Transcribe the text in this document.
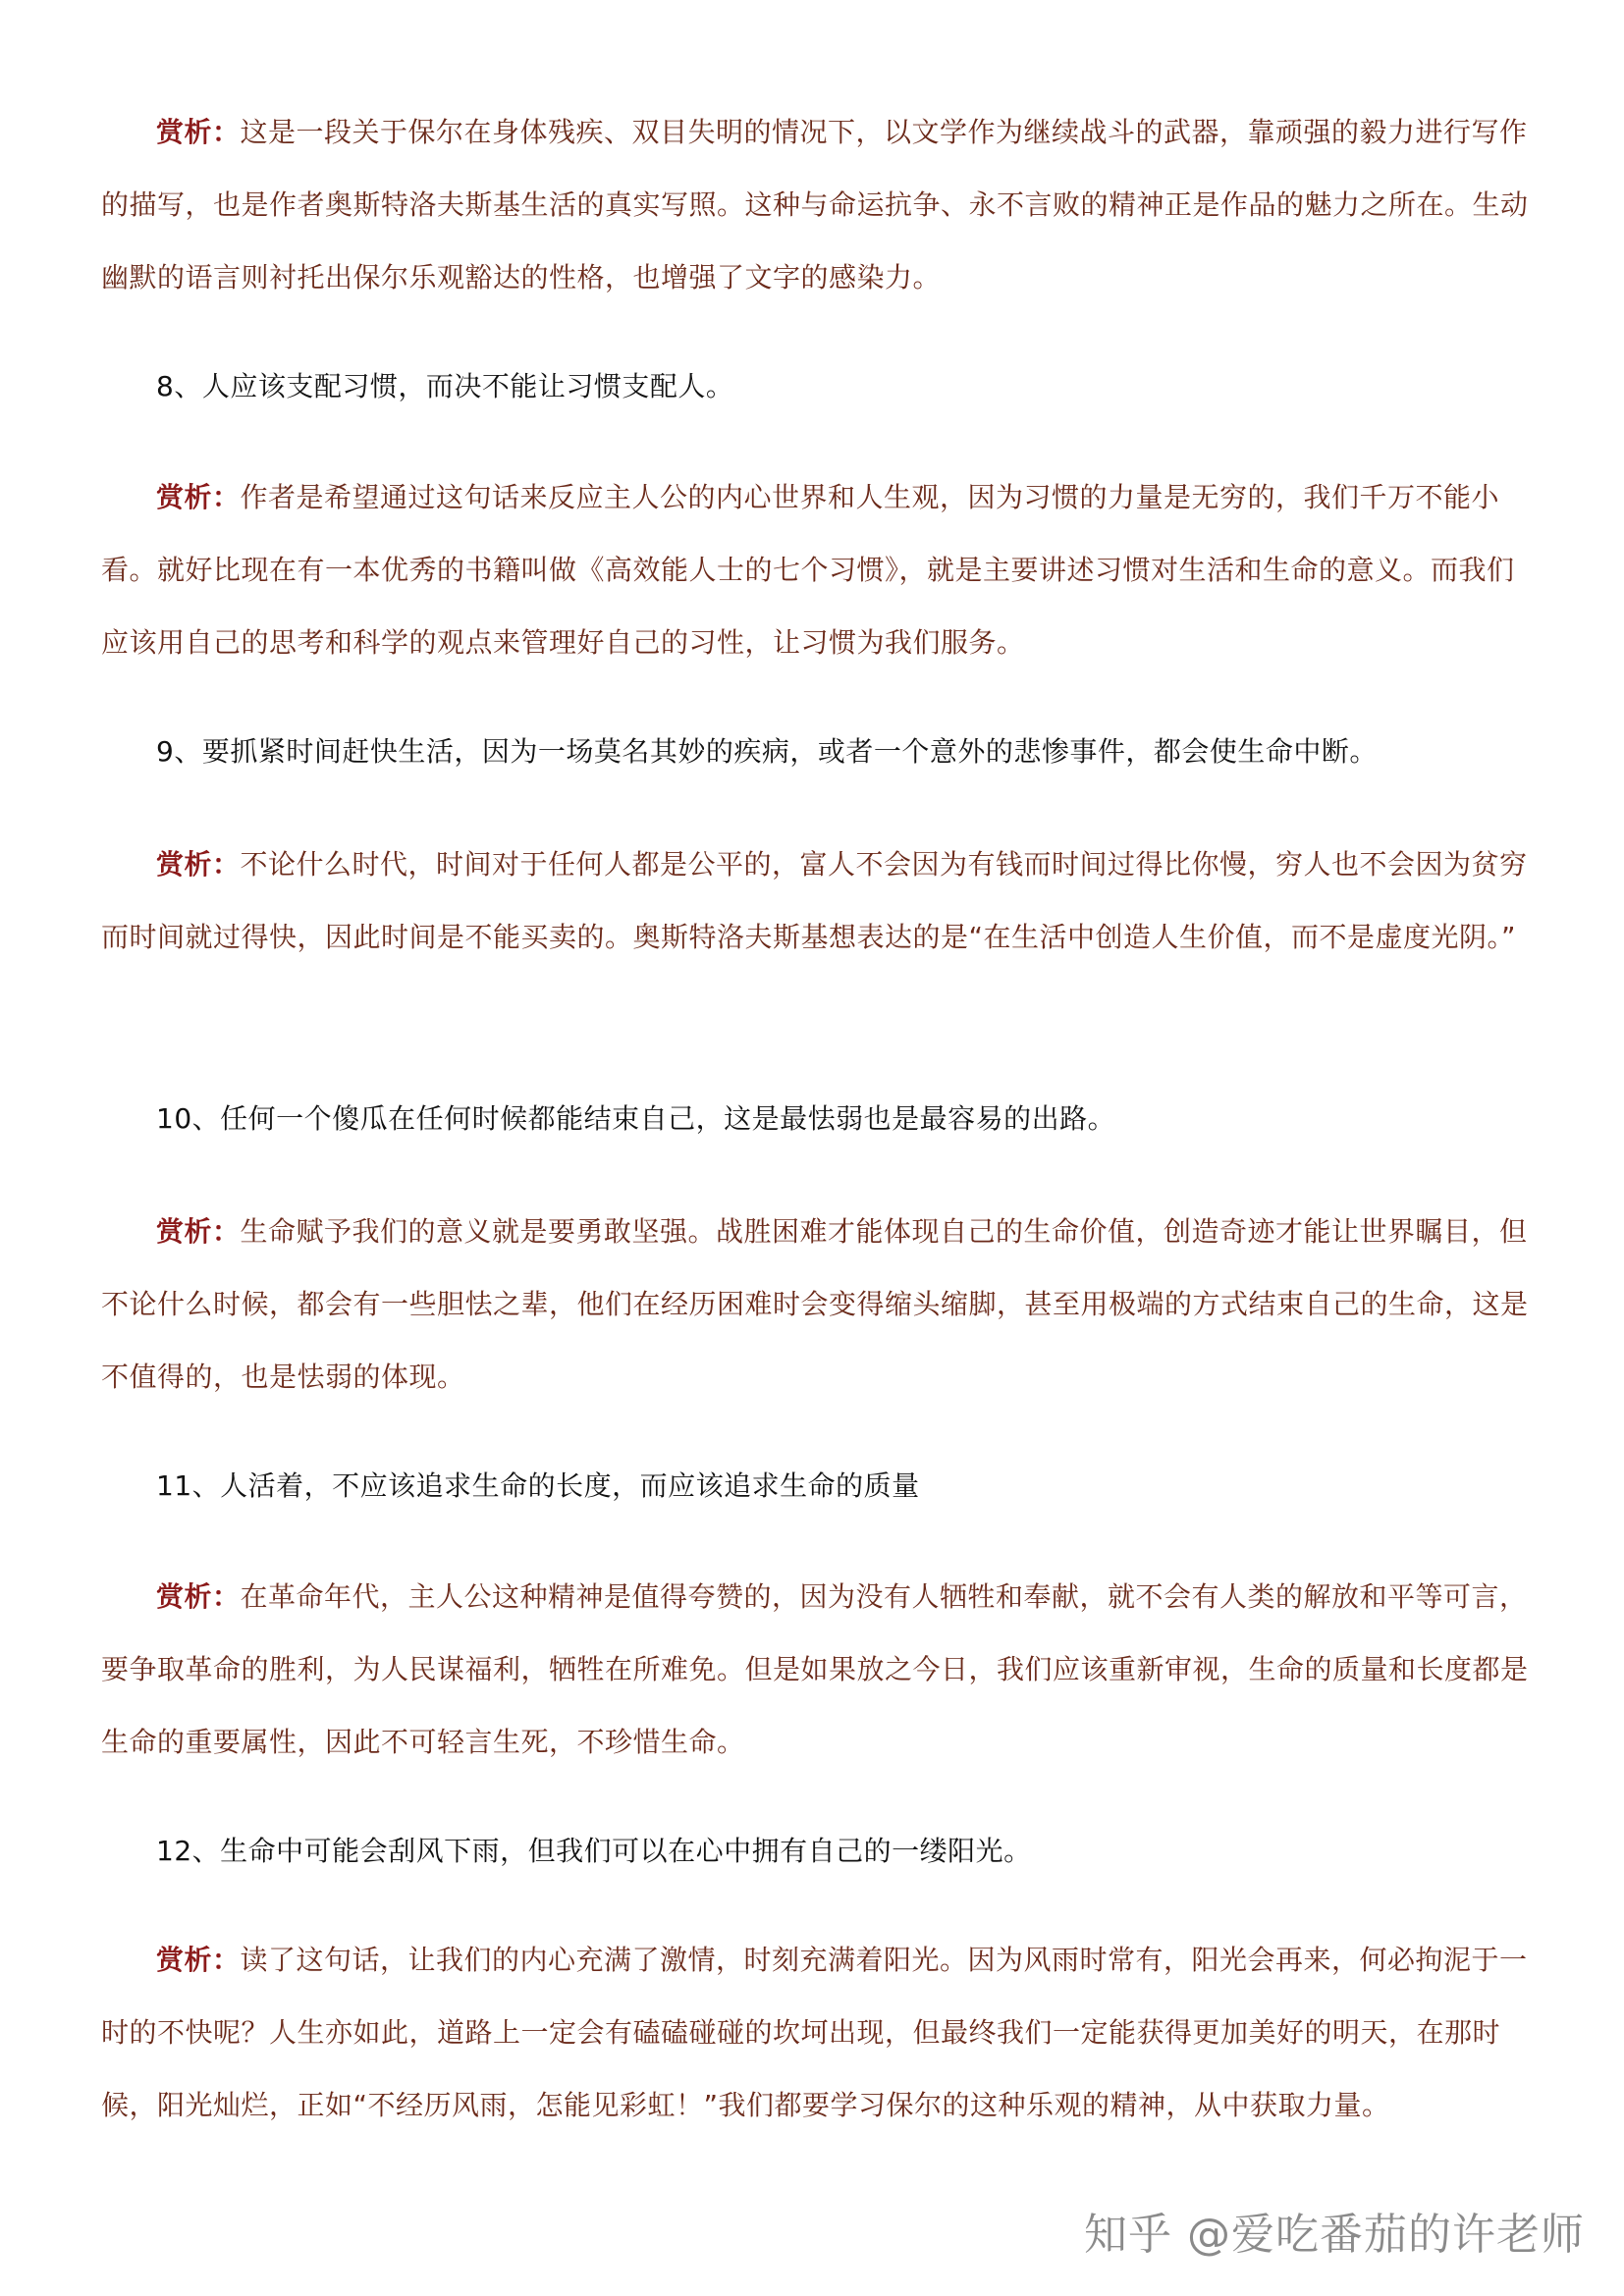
赏析：这是一段关于保尔在身体残疾、双目失明的情况下，以文学作为继续战斗的武器，靠顽强的毅力进行写作的描写，也是作者奥斯特洛夫斯基生活的真实写照。这种与命运抗争、永不言败的精神正是作品的魅力之所在。生动幽默的语言则衬托出保尔乐观豁达的性格，也增强了文字的感染力。

8、人应该支配习惯，而决不能让习惯支配人。

赏析：作者是希望通过这句话来反应主人公的内心世界和人生观，因为习惯的力量是无穷的，我们千万不能小看。就好比现在有一本优秀的书籍叫做《高效能人士的七个习惯》，就是主要讲述习惯对生活和生命的意义。而我们应该用自己的思考和科学的观点来管理好自己的习性，让习惯为我们服务。

9、要抓紧时间赶快生活，因为一场莫名其妙的疾病，或者一个意外的悲惨事件，都会使生命中断。

赏析：不论什么时代，时间对于任何人都是公平的，富人不会因为有钱而时间过得比你慢，穷人也不会因为贫穷而时间就过得快，因此时间是不能买卖的。奥斯特洛夫斯基想表达的是“在生活中创造人生价值，而不是虚度光阴。”

10、任何一个傻瓜在任何时候都能结束自己，这是最怯弱也是最容易的出路。

赏析：生命赋予我们的意义就是要勇敢坚强。战胜困难才能体现自己的生命价值，创造奇迹才能让世界瞩目，但不论什么时候，都会有一些胆怯之辈，他们在经历困难时会变得缩头缩脚，甚至用极端的方式结束自己的生命，这是不值得的，也是怯弱的体现。

11、人活着，不应该追求生命的长度，而应该追求生命的质量

赏析：在革命年代，主人公这种精神是值得夸赞的，因为没有人牺牲和奉献，就不会有人类的解放和平等可言，要争取革命的胜利，为人民谋福利，牺牲在所难免。但是如果放之今日，我们应该重新审视，生命的质量和长度都是生命的重要属性，因此不可轻言生死，不珍惜生命。

12、生命中可能会刮风下雨，但我们可以在心中拥有自己的一缕阳光。

赏析：读了这句话，让我们的内心充满了激情，时刻充满着阳光。因为风雨时常有，阳光会再来，何必拘泥于一时的不快呢？人生亦如此，道路上一定会有磕磕碰碰的坎坷出现，但最终我们一定能获得更加美好的明天，在那时候，阳光灿烂，正如“不经历风雨，怎能见彩虹！”我们都要学习保尔的这种乐观的精神，从中获取力量。

知乎 @爱吃番茄的许老师
